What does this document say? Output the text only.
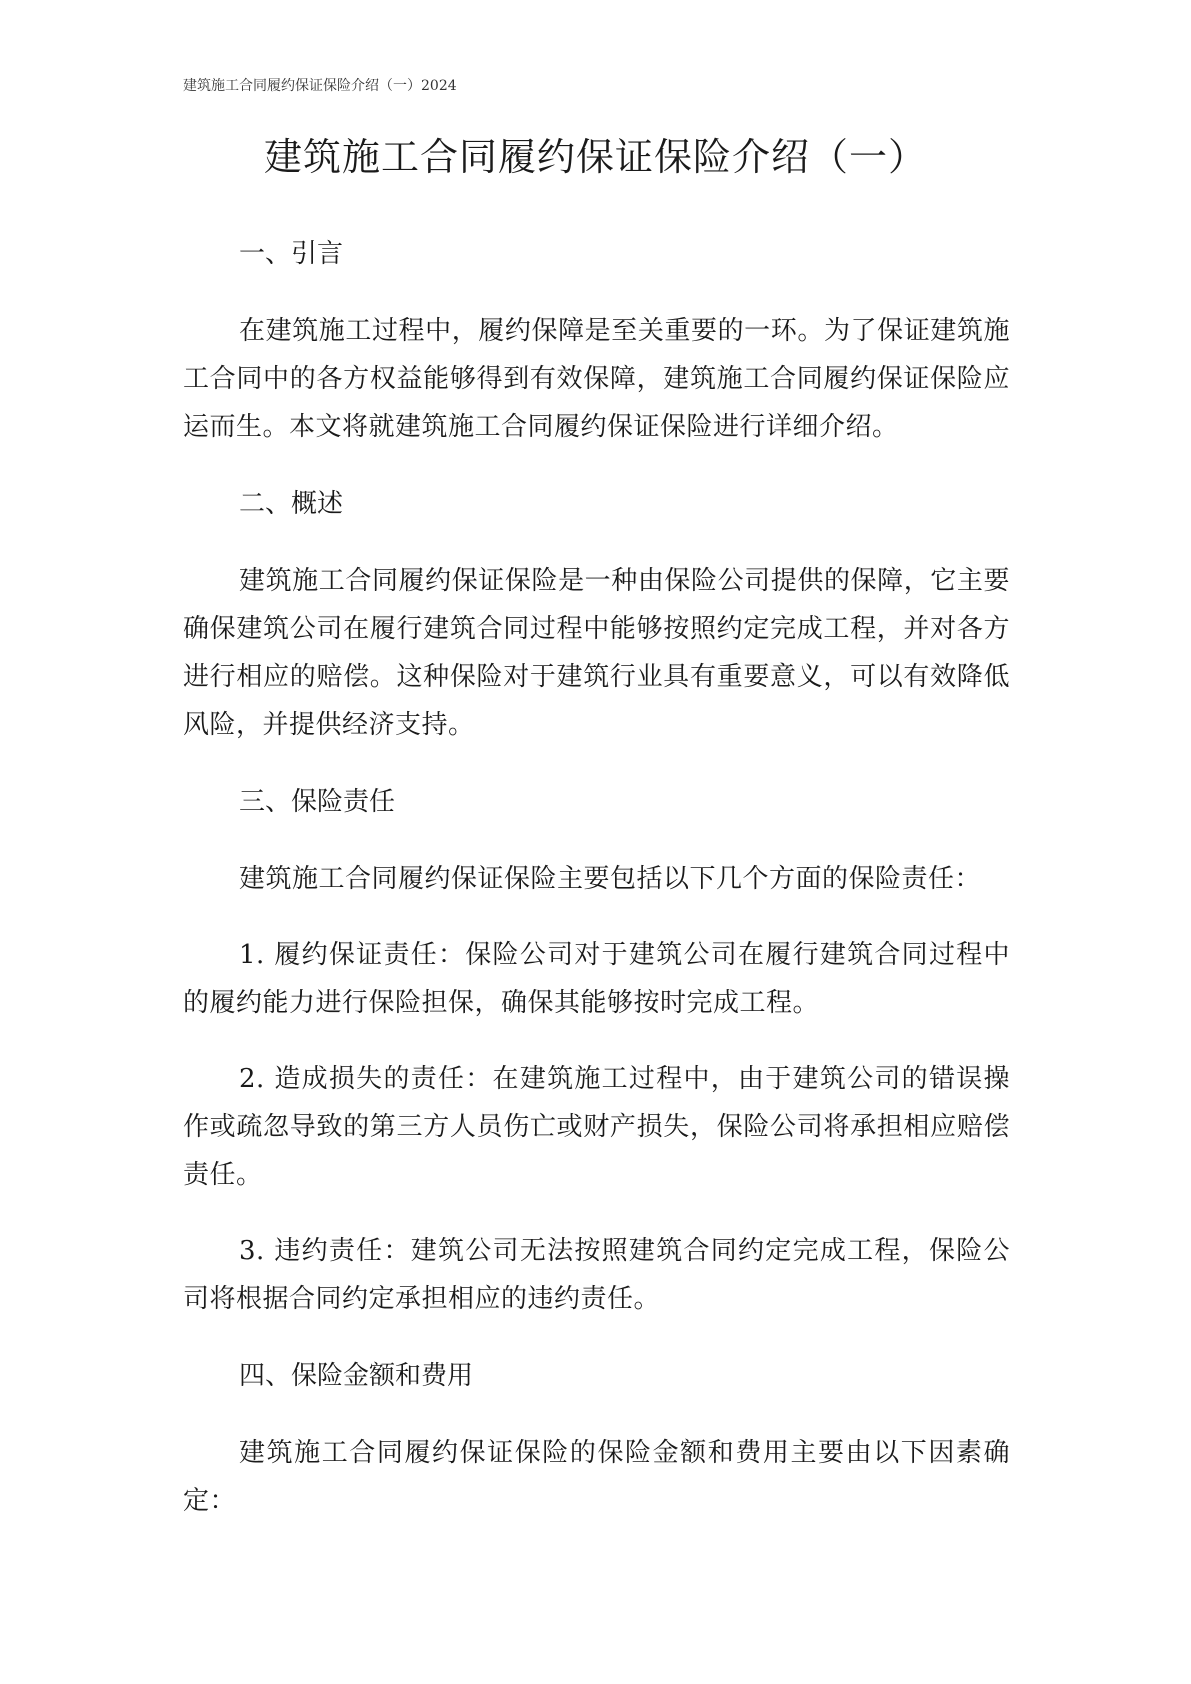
建筑施工合同履约保证保险介绍（一）2024
建筑施工合同履约保证保险介绍（一）

一、引言

在建筑施工过程中，履约保障是至关重要的一环。为了保证建筑施工合同中的各方权益能够得到有效保障，建筑施工合同履约保证保险应运而生。本文将就建筑施工合同履约保证保险进行详细介绍。

二、概述

建筑施工合同履约保证保险是一种由保险公司提供的保障，它主要确保建筑公司在履行建筑合同过程中能够按照约定完成工程，并对各方进行相应的赔偿。这种保险对于建筑行业具有重要意义，可以有效降低风险，并提供经济支持。

三、保险责任

建筑施工合同履约保证保险主要包括以下几个方面的保险责任：

1. 履约保证责任：保险公司对于建筑公司在履行建筑合同过程中的履约能力进行保险担保，确保其能够按时完成工程。

2. 造成损失的责任：在建筑施工过程中，由于建筑公司的错误操作或疏忽导致的第三方人员伤亡或财产损失，保险公司将承担相应赔偿责任。

3. 违约责任：建筑公司无法按照建筑合同约定完成工程，保险公司将根据合同约定承担相应的违约责任。

四、保险金额和费用

建筑施工合同履约保证保险的保险金额和费用主要由以下因素确定：
